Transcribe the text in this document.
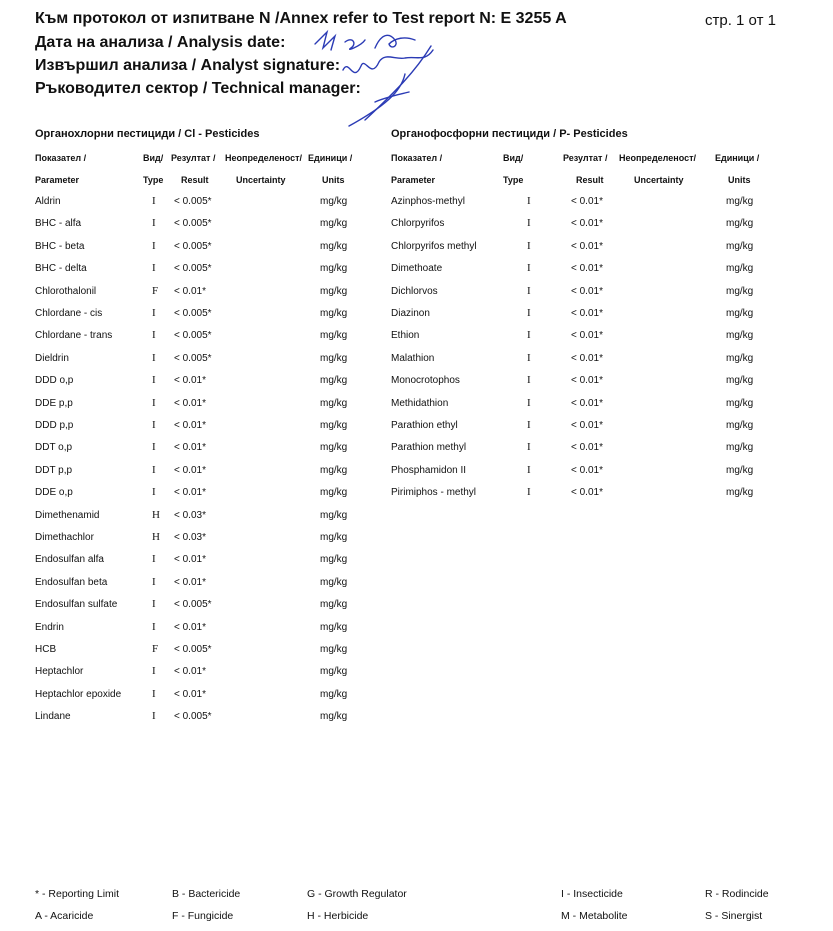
Към протокол от изпитване N /Annex refer to Test report N: E 3255 A	стр. 1 от 1
Дата на анализа / Analysis date:
Извършил анализа / Analyst signature:
Ръководител сектор / Technical manager:
Органохлорни пестициди / Cl - Pesticides	Органофосфорни пестициди / P- Pesticides
Показател /	Вид/ Резултат / Неопределеност/ Единици /
Parameter	Type Result	Uncertainty	Units
Aldrin	I < 0.005*	mg/kg
BHC - alfa	I < 0.005*	mg/kg
BHC - beta	I < 0.005*	mg/kg
BHC - delta	I < 0.005*	mg/kg
Chlorothalonil	F < 0.01*	mg/kg
Chlordane - cis	I < 0.005*	mg/kg
Chlordane - trans	I < 0.005*	mg/kg
Dieldrin	I < 0.005*	mg/kg
DDD o,p	I < 0.01*	mg/kg
DDE p,p	I < 0.01*	mg/kg
DDD p,p	I < 0.01*	mg/kg
DDT o,p	I < 0.01*	mg/kg
DDT p,p	I < 0.01*	mg/kg
DDE o,p	I < 0.01*	mg/kg
Dimethenamid	H < 0.03*	mg/kg
Dimethachlor	H < 0.03*	mg/kg
Endosulfan alfa	I < 0.01*	mg/kg
Endosulfan beta	I < 0.01*	mg/kg
Endosulfan sulfate	I < 0.005*	mg/kg
Endrin	I < 0.01*	mg/kg
HCB	F < 0.005*	mg/kg
Heptachlor	I < 0.01*	mg/kg
Heptachlor epoxide	I < 0.01*	mg/kg
Lindane	I < 0.005*	mg/kg
Показател /	Вид/	Резултат / Неопределеност/ Единици /
Parameter	Type	Result	Uncertainty	Units
Azinphos-methyl	I	< 0.01*	mg/kg
Chlorpyrifos	I	< 0.01*	mg/kg
Chlorpyrifos methyl	I	< 0.01*	mg/kg
Dimethoate	I	< 0.01*	mg/kg
Dichlorvos	I	< 0.01*	mg/kg
Diazinon	I	< 0.01*	mg/kg
Ethion	I	< 0.01*	mg/kg
Malathion	I	< 0.01*	mg/kg
Monocrotophos	I	< 0.01*	mg/kg
Methidathion	I	< 0.01*	mg/kg
Parathion ethyl	I	< 0.01*	mg/kg
Parathion methyl	I	< 0.01*	mg/kg
Phosphamidon II	I	< 0.01*	mg/kg
Pirimiphos - methyl	I	< 0.01*	mg/kg
* - Reporting Limit	B - Bactericide	G - Growth Regulator	I - Insecticide	R - Rodincide
A - Acaricide	F - Fungicide	H - Herbicide	M - Metabolite	S - Sinergist
